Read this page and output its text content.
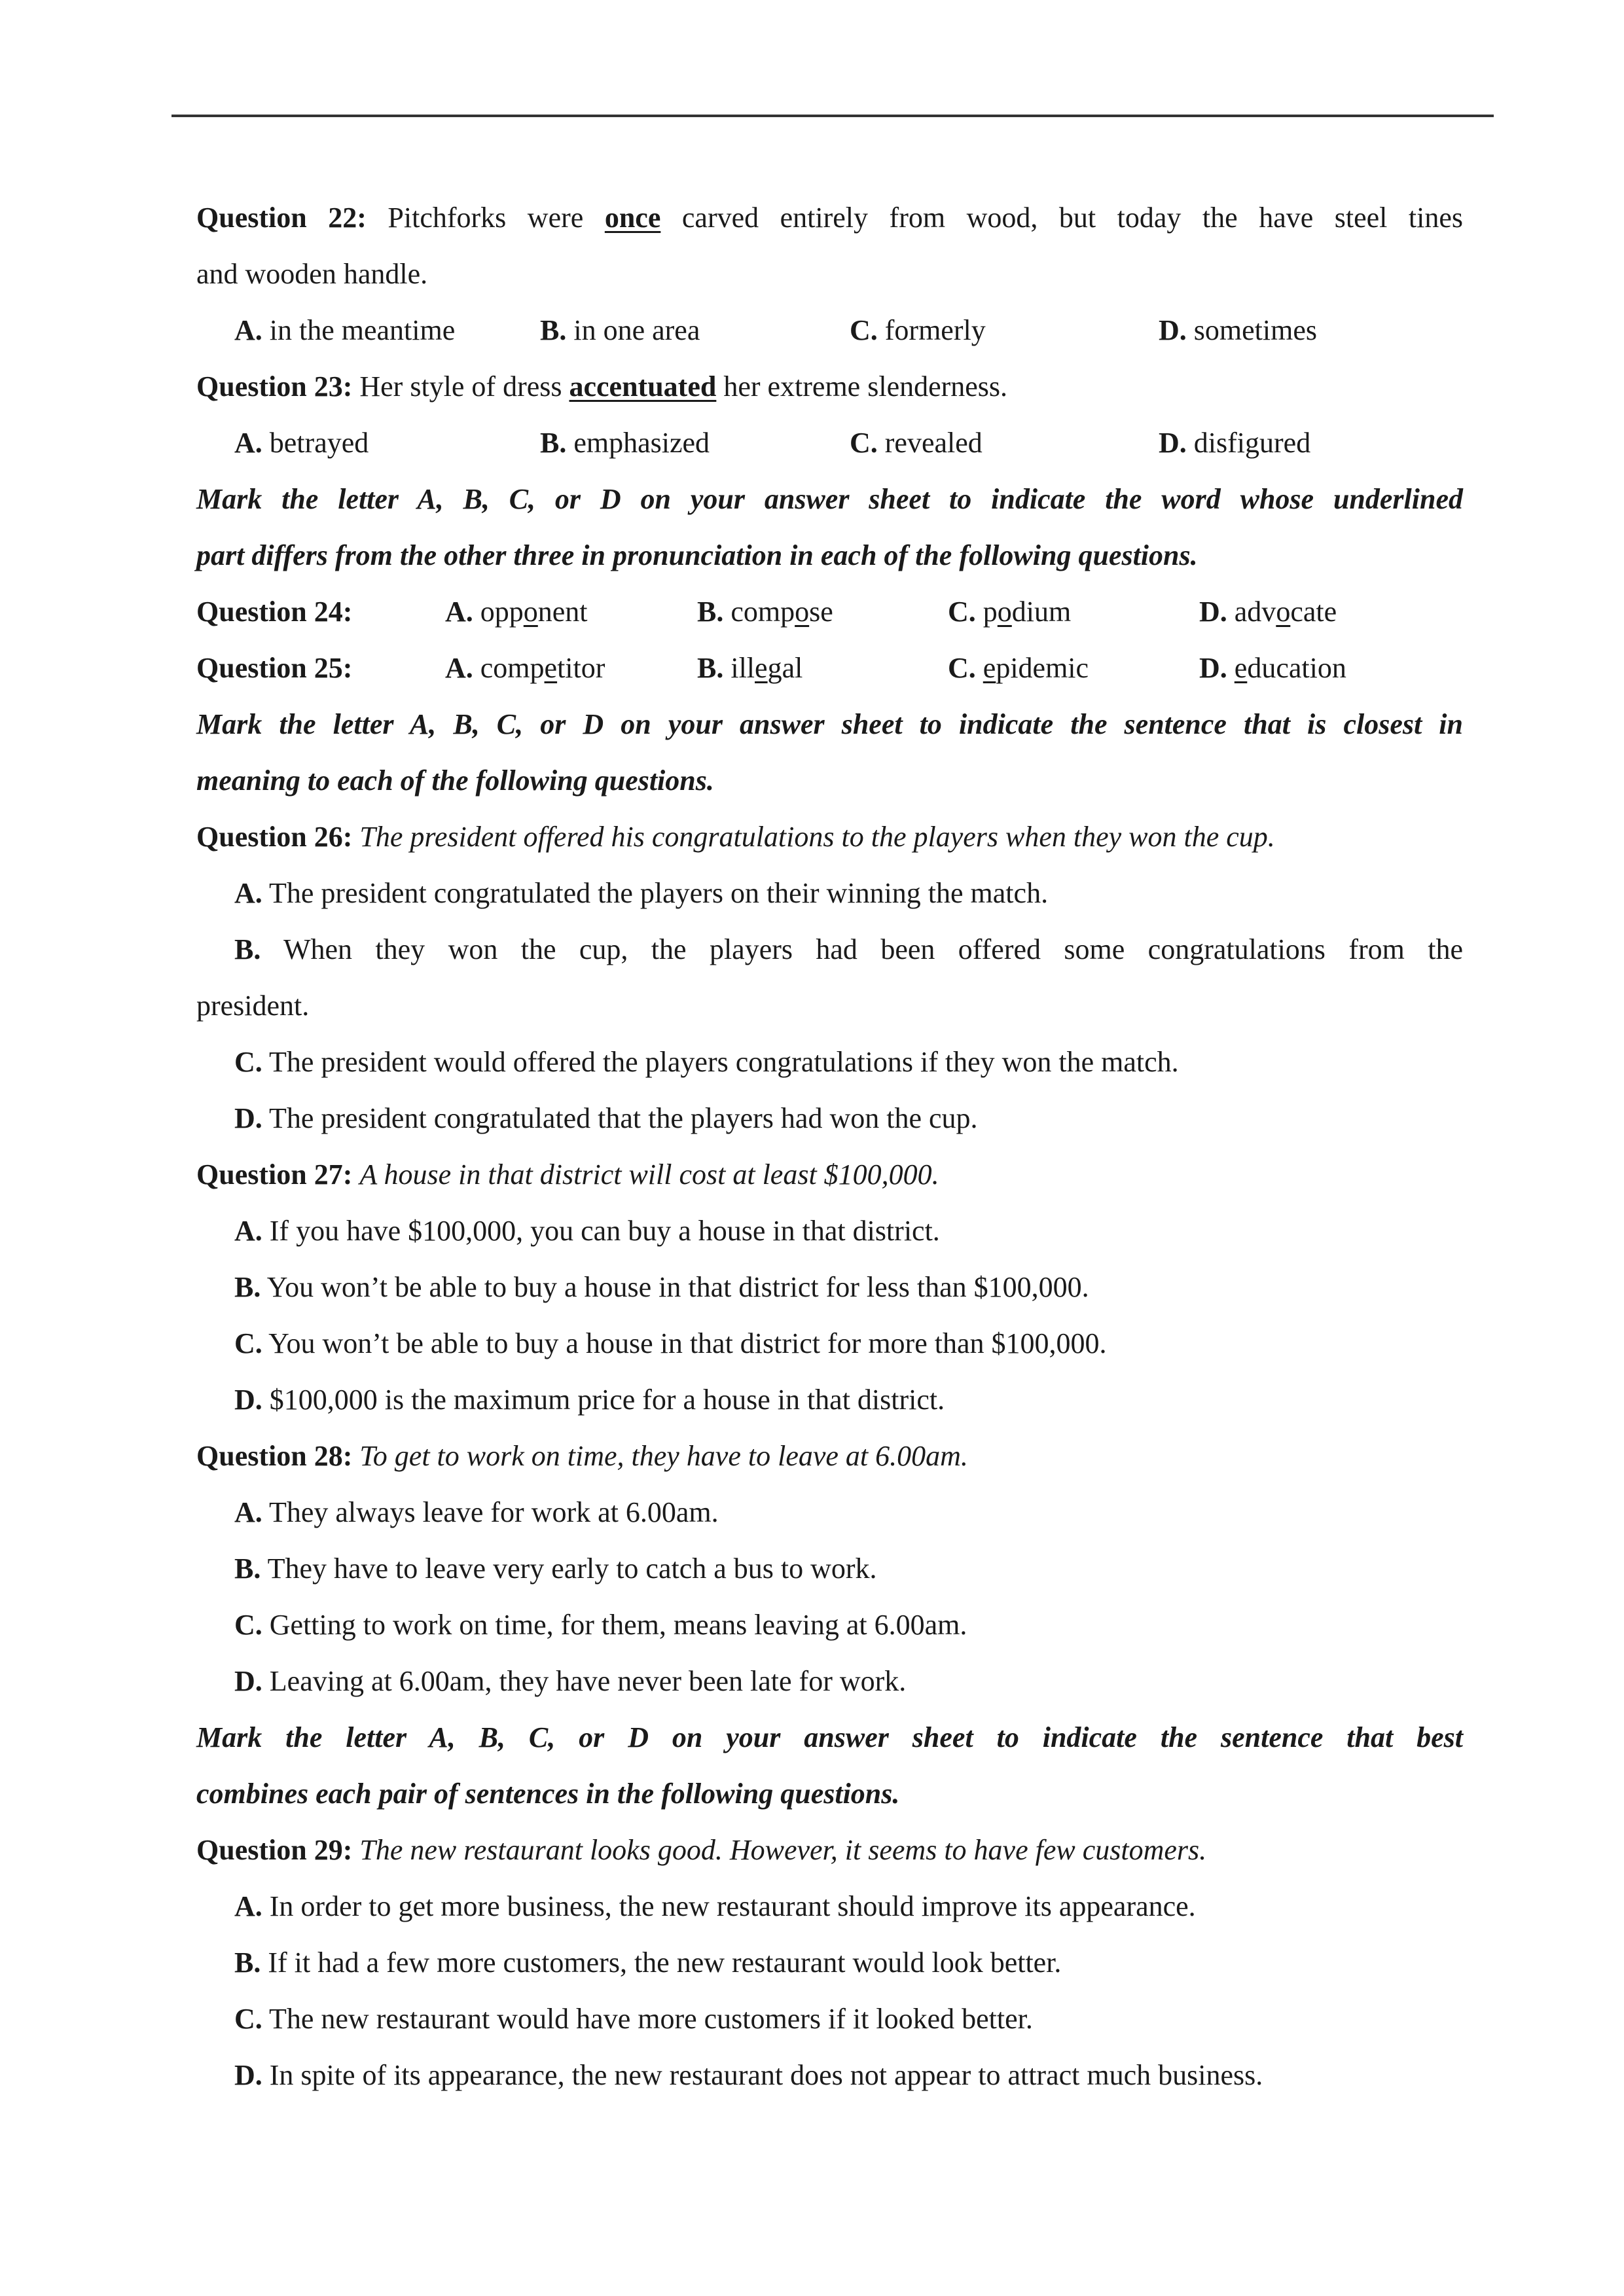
Question 22: Pitchforks were once carved entirely from wood, but today the have steel tines
and wooden handle.
A. in the meantime	B. in one area	C. formerly	D. sometimes
Question 23: Her style of dress accentuated her extreme slenderness.
A. betrayed	B. emphasized	C. revealed	D. disfigured
Mark the letter A, B, C, or D on your answer sheet to indicate the word whose underlined
part differs from the other three in pronunciation in each of the following questions.
Question 24:	A. opponent	B. compose	C. podium	D. advocate
Question 25:	A. competitor	B. illegal	C. epidemic	D. education
Mark the letter A, B, C, or D on your answer sheet to indicate the sentence that is closest in
meaning to each of the following questions.
Question 26: The president offered his congratulations to the players when they won the cup.
A. The president congratulated the players on their winning the match.
B. When they won the cup, the players had been offered some congratulations from the
president.
C. The president would offered the players congratulations if they won the match.
D. The president congratulated that the players had won the cup.
Question 27: A house in that district will cost at least $100,000.
A. If you have $100,000, you can buy a house in that district.
B. You won’t be able to buy a house in that district for less than $100,000.
C. You won’t be able to buy a house in that district for more than $100,000.
D. $100,000 is the maximum price for a house in that district.
Question 28: To get to work on time, they have to leave at 6.00am.
A. They always leave for work at 6.00am.
B. They have to leave very early to catch a bus to work.
C. Getting to work on time, for them, means leaving at 6.00am.
D. Leaving at 6.00am, they have never been late for work.
Mark the letter A, B, C, or D on your answer sheet to indicate the sentence that best
combines each pair of sentences in the following questions.
Question 29: The new restaurant looks good. However, it seems to have few customers.
A. In order to get more business, the new restaurant should improve its appearance.
B. If it had a few more customers, the new restaurant would look better.
C. The new restaurant would have more customers if it looked better.
D. In spite of its appearance, the new restaurant does not appear to attract much business.
